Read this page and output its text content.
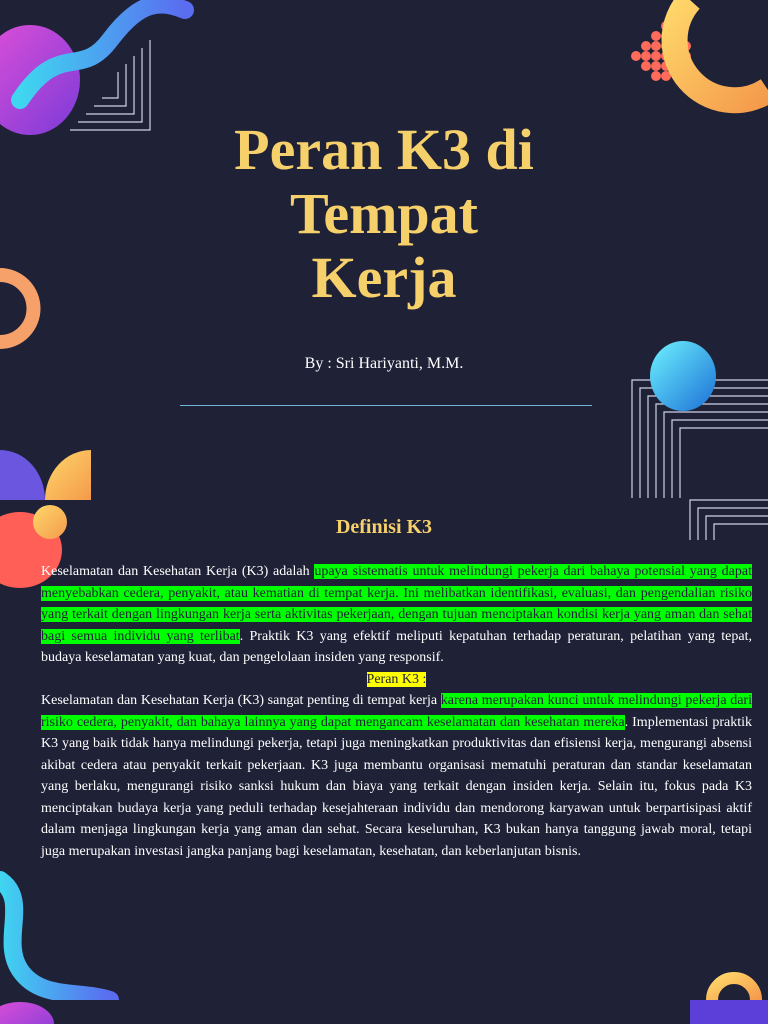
Peran K3 di
Tempat
Kerja
By : Sri Hariyanti, M.M.
Definisi K3

Keselamatan dan Kesehatan Kerja (K3) adalah upaya sistematis untuk melindungi pekerja dari bahaya potensial yang dapat menyebabkan cedera, penyakit, atau kematian di tempat kerja. Ini melibatkan identifikasi, evaluasi, dan pengendalian risiko yang terkait dengan lingkungan kerja serta aktivitas pekerjaan, dengan tujuan menciptakan kondisi kerja yang aman dan sehat bagi semua individu yang terlibat. Praktik K3 yang efektif meliputi kepatuhan terhadap peraturan, pelatihan yang tepat, budaya keselamatan yang kuat, dan pengelolaan insiden yang responsif.

Peran K3 :

Keselamatan dan Kesehatan Kerja (K3) sangat penting di tempat kerja karena merupakan kunci untuk melindungi pekerja dari risiko cedera, penyakit, dan bahaya lainnya yang dapat mengancam keselamatan dan kesehatan mereka. Implementasi praktik K3 yang baik tidak hanya melindungi pekerja, tetapi juga meningkatkan produktivitas dan efisiensi kerja, mengurangi absensi akibat cedera atau penyakit terkait pekerjaan. K3 juga membantu organisasi mematuhi peraturan dan standar keselamatan yang berlaku, mengurangi risiko sanksi hukum dan biaya yang terkait dengan insiden kerja. Selain itu, fokus pada K3 menciptakan budaya kerja yang peduli terhadap kesejahteraan individu dan mendorong karyawan untuk berpartisipasi aktif dalam menjaga lingkungan kerja yang aman dan sehat. Secara keseluruhan, K3 bukan hanya tanggung jawab moral, tetapi juga merupakan investasi jangka panjang bagi keselamatan, kesehatan, dan keberlanjutan bisnis.
